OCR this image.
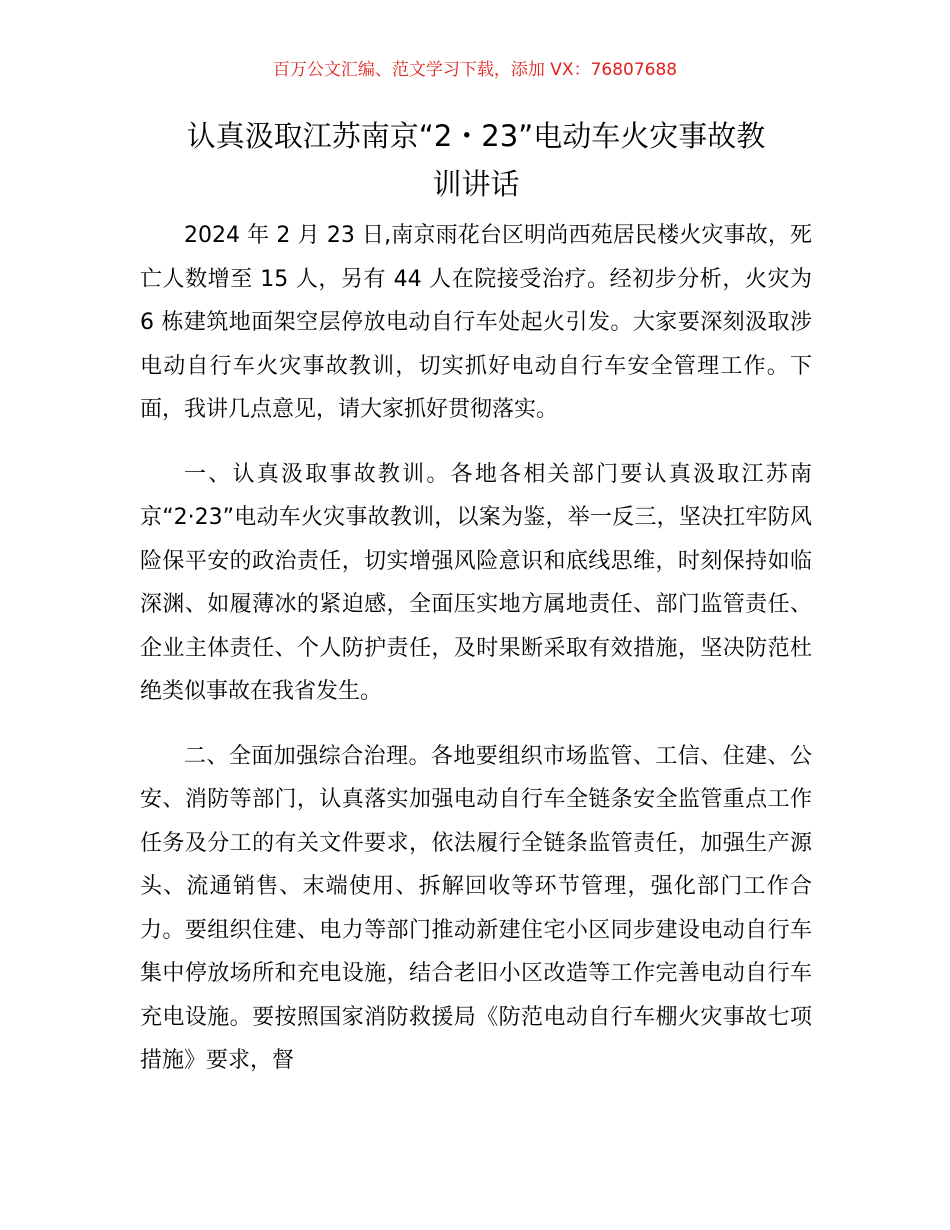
百万公文汇编、范文学习下载，添加 VX：76807688
认真汲取江苏南京“2・23”电动车火灾事故教
训讲话

2024 年 2 月 23 日,南京雨花台区明尚西苑居民楼火灾事故，死亡人数增至 15 人，另有 44 人在院接受治疗。经初步分析，火灾为 6 栋建筑地面架空层停放电动自行车处起火引发。大家要深刻汲取涉电动自行车火灾事故教训，切实抓好电动自行车安全管理工作。下面，我讲几点意见，请大家抓好贯彻落实。

一、认真汲取事故教训。各地各相关部门要认真汲取江苏南京“2·23”电动车火灾事故教训，以案为鉴，举一反三，坚决扛牢防风险保平安的政治责任，切实增强风险意识和底线思维，时刻保持如临深渊、如履薄冰的紧迫感，全面压实地方属地责任、部门监管责任、企业主体责任、个人防护责任，及时果断采取有效措施，坚决防范杜绝类似事故在我省发生。

二、全面加强综合治理。各地要组织市场监管、工信、住建、公安、消防等部门，认真落实加强电动自行车全链条安全监管重点工作任务及分工的有关文件要求，依法履行全链条监管责任，加强生产源头、流通销售、末端使用、拆解回收等环节管理，强化部门工作合力。要组织住建、电力等部门推动新建住宅小区同步建设电动自行车集中停放场所和充电设施，结合老旧小区改造等工作完善电动自行车充电设施。要按照国家消防救援局《防范电动自行车棚火灾事故七项措施》要求，督
